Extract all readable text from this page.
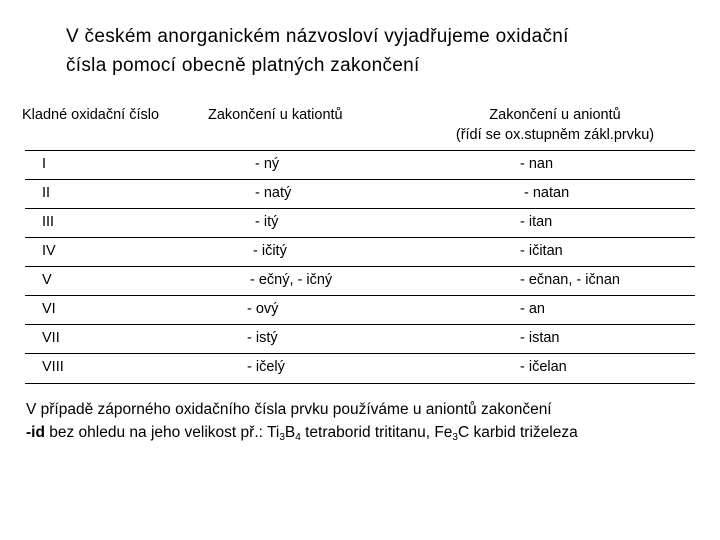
V českém anorganickém názvosloví vyjadřujeme oxidační
čísla pomocí obecně platných zakončení
Kladné oxidační číslo	Zakončení u kationtů	Zakončení u aniontů
(řídí se ox.stupněm zákl.prvku)
I	- ný	- nan
II	- natý	- natan
III	- itý	- itan
IV	- ičitý	- ičitan
V	- ečný, - ičný	- ečnan, - ičnan
VI	- ový	- an
VII	- istý	- istan
VIII	- ičelý	- ičelan
V případě záporného oxidačního čísla prvku používáme u aniontů zakončení
-id bez ohledu na jeho velikost př.: $Ti_3B_4$ tetraborid trititanu, $Fe_3C$ karbid triželeza
